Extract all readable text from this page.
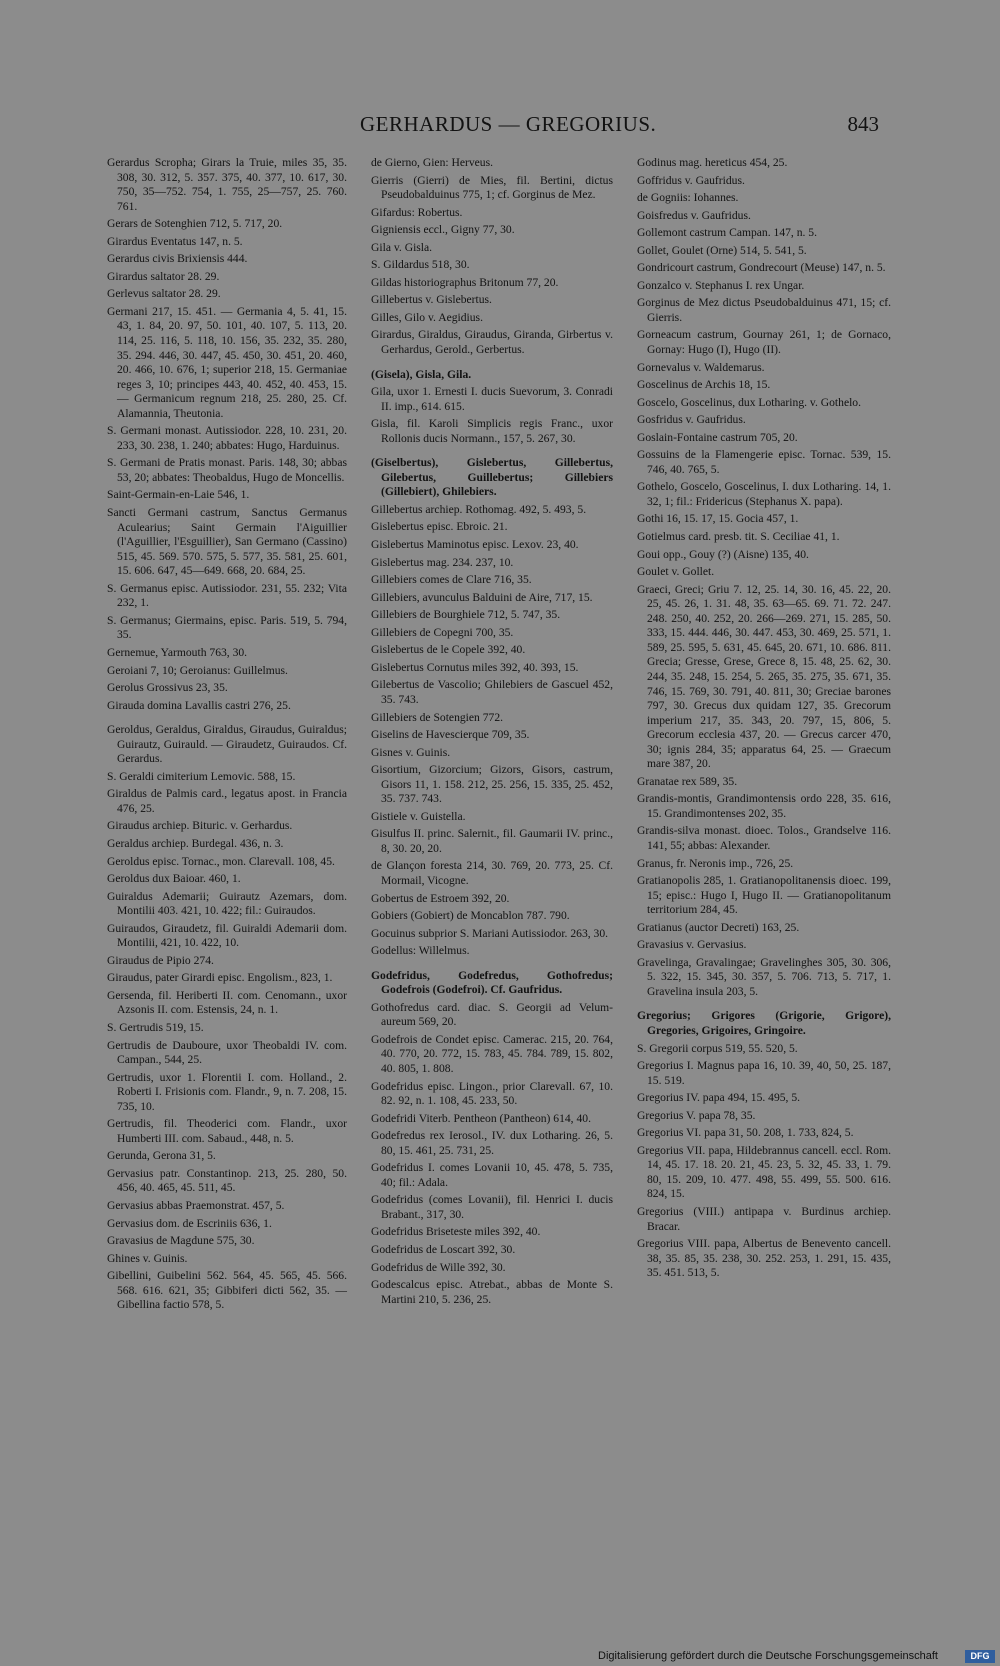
GERHARDUS — GREGORIUS.	843
Gerardus Scropha; Girars la Truie, miles 35, 35. 308, 30. 312, 5. 357. 375, 40. 377, 10. 617, 30. 750, 35—752. 754, 1. 755, 25—757, 25. 760. 761.
Gerars de Sotenghien 712, 5. 717, 20.
Girardus Eventatus 147, n. 5.
Gerardus civis Brixiensis 444.
Girardus saltator 28. 29.
Gerlevus saltator 28. 29.
Germani 217, 15. 451. — Germania 4, 5. 41, 15. 43, 1. 84, 20. 97, 50. 101, 40. 107, 5. 113, 20. 114, 25. 116, 5. 118, 10. 156, 35. 232, 35. 280, 35. 294. 446, 30. 447, 45. 450, 30. 451, 20. 460, 20. 466, 10. 676, 1; superior 218, 15. Germaniae reges 3, 10; principes 443, 40. 452, 40. 453, 15. — Germanicum regnum 218, 25. 280, 25. Cf. Alamannia, Theutonia.
S. Germani monast. Autissiodor. 228, 10. 231, 20. 233, 30. 238, 1. 240; abbates: Hugo, Harduinus.
S. Germani de Pratis monast. Paris. 148, 30; abbas 53, 20; abbates: Theobaldus, Hugo de Moncellis.
Saint-Germain-en-Laie 546, 1.
Sancti Germani castrum, Sanctus Germanus Aculearius; Saint Germain l'Aiguillier (l'Aguillier, l'Esguillier), San Germano (Cassino) 515, 45. 569. 570. 575, 5. 577, 35. 581, 25. 601, 15. 606. 647, 45—649. 668, 20. 684, 25.
S. Germanus episc. Autissiodor. 231, 55. 232; Vita 232, 1.
S. Germanus; Giermains, episc. Paris. 519, 5. 794, 35.
Gernemue, Yarmouth 763, 30.
Geroiani 7, 10; Geroianus: Guillelmus.
Gerolus Grossivus 23, 35.
Girauda domina Lavallis castri 276, 25.
Geroldus, Geraldus, Giraldus, Giraudus, Guiraldus; Guirautz, Guirauld. — Giraudetz, Guiraudos. Cf. Gerardus.
S. Geraldi cimiterium Lemovic. 588, 15.
Giraldus de Palmis card., legatus apost. in Francia 476, 25.
Giraudus archiep. Bituric. v. Gerhardus.
Geraldus archiep. Burdegal. 436, n. 3.
Geroldus episc. Tornac., mon. Clarevall. 108, 45.
Geroldus dux Baioar. 460, 1.
Guiraldus Ademarii; Guirautz Azemars, dom. Montilii 403. 421, 10. 422; fil.: Guiraudos.
Guiraudos, Giraudetz, fil. Guiraldi Ademarii dom. Montilii, 421, 10. 422, 10.
Giraudus de Pipio 274.
Giraudus, pater Girardi episc. Engolism., 823, 1.
Gersenda, fil. Heriberti II. com. Cenomann., uxor Azsonis II. com. Estensis, 24, n. 1.
S. Gertrudis 519, 15.
Gertrudis de Dauboure, uxor Theobaldi IV. com. Campan., 544, 25.
Gertrudis, uxor 1. Florentii I. com. Holland., 2. Roberti I. Frisionis com. Flandr., 9, n. 7. 208, 15. 735, 10.
Gertrudis, fil. Theoderici com. Flandr., uxor Humberti III. com. Sabaud., 448, n. 5.
Gerunda, Gerona 31, 5.
Gervasius patr. Constantinop. 213, 25. 280, 50. 456, 40. 465, 45. 511, 45.
Gervasius abbas Praemonstrat. 457, 5.
Gervasius dom. de Escriniis 636, 1.
Gravasius de Magdune 575, 30.
Ghines v. Guinis.
Gibellini, Guibelini 562. 564, 45. 565, 45. 566. 568. 616. 621, 35; Gibbiferi dicti 562, 35. — Gibellina factio 578, 5.
de Gierno, Gien: Herveus.
Gierris (Gierri) de Mies, fil. Bertini, dictus Pseudobalduinus 775, 1; cf. Gorginus de Mez.
Gifardus: Robertus.
Gigniensis eccl., Gigny 77, 30.
Gila v. Gisla.
S. Gildardus 518, 30.
Gildas historiographus Britonum 77, 20.
Gillebertus v. Gislebertus.
Gilles, Gilo v. Aegidius.
Girardus, Giraldus, Giraudus, Giranda, Girbertus v. Gerhardus, Gerold., Gerbertus.
(Gisela), Gisla, Gila.
Gila, uxor 1. Ernesti I. ducis Suevorum, 3. Conradi II. imp., 614. 615.
Gisla, fil. Karoli Simplicis regis Franc., uxor Rollonis ducis Normann., 157, 5. 267, 30.
(Giselbertus), Gislebertus, Gillebertus, Gilebertus, Guillebertus; Gillebiers (Gillebiert), Ghilebiers.
Gillebertus archiep. Rothomag. 492, 5. 493, 5.
Gislebertus episc. Ebroic. 21.
Gislebertus Maminotus episc. Lexov. 23, 40.
Gislebertus mag. 234. 237, 10.
Gillebiers comes de Clare 716, 35.
Gillebiers, avunculus Balduini de Aire, 717, 15.
Gillebiers de Bourghiele 712, 5. 747, 35.
Gillebiers de Copegni 700, 35.
Gislebertus de le Copele 392, 40.
Gislebertus Cornutus miles 392, 40. 393, 15.
Gilebertus de Vascolio; Ghilebiers de Gascuel 452, 35. 743.
Gillebiers de Sotengien 772.
Giselins de Havescierque 709, 35.
Gisnes v. Guinis.
Gisortium, Gizorcium; Gizors, Gisors, castrum, Gisors 11, 1. 158. 212, 25. 256, 15. 335, 25. 452, 35. 737. 743.
Gistiele v. Guistella.
Gisulfus II. princ. Salernit., fil. Gaumarii IV. princ., 8, 30. 20, 20.
de Glançon foresta 214, 30. 769, 20. 773, 25. Cf. Mormail, Vicogne.
Gobertus de Estroem 392, 20.
Gobiers (Gobiert) de Moncablon 787. 790.
Gocuinus subprior S. Mariani Autissiodor. 263, 30.
Godellus: Willelmus.
Godefridus, Godefredus, Gothofredus; Godefrois (Godefroi). Cf. Gaufridus.
Gothofredus card. diac. S. Georgii ad Velum-aureum 569, 20.
Godefrois de Condet episc. Camerac. 215, 20. 764, 40. 770, 20. 772, 15. 783, 45. 784. 789, 15. 802, 40. 805, 1. 808.
Godefridus episc. Lingon., prior Clarevall. 67, 10. 82. 92, n. 1. 108, 45. 233, 50.
Godefridi Viterb. Pentheon (Pantheon) 614, 40.
Godefredus rex Ierosol., IV. dux Lotharing. 26, 5. 80, 15. 461, 25. 731, 25.
Godefridus I. comes Lovanii 10, 45. 478, 5. 735, 40; fil.: Adala.
Godefridus (comes Lovanii), fil. Henrici I. ducis Brabant., 317, 30.
Godefridus Briseteste miles 392, 40.
Godefridus de Loscart 392, 30.
Godefridus de Wille 392, 30.
Godescalcus episc. Atrebat., abbas de Monte S. Martini 210, 5. 236, 25.
Godinus mag. hereticus 454, 25.
Goffridus v. Gaufridus.
de Gogniis: Iohannes.
Goisfredus v. Gaufridus.
Gollemont castrum Campan. 147, n. 5.
Gollet, Goulet (Orne) 514, 5. 541, 5.
Gondricourt castrum, Gondrecourt (Meuse) 147, n. 5.
Gonzalco v. Stephanus I. rex Ungar.
Gorginus de Mez dictus Pseudobalduinus 471, 15; cf. Gierris.
Gorneacum castrum, Gournay 261, 1; de Gornaco, Gornay: Hugo (I), Hugo (II).
Gornevalus v. Waldemarus.
Goscelinus de Archis 18, 15.
Goscelo, Goscelinus, dux Lotharing. v. Gothelo.
Gosfridus v. Gaufridus.
Goslain-Fontaine castrum 705, 20.
Gossuins de la Flamengerie episc. Tornac. 539, 15. 746, 40. 765, 5.
Gothelo, Goscelo, Goscelinus, I. dux Lotharing. 14, 1. 32, 1; fil.: Fridericus (Stephanus X. papa).
Gothi 16, 15. 17, 15. Gocia 457, 1.
Gotielmus card. presb. tit. S. Ceciliae 41, 1.
Goui opp., Gouy (?) (Aisne) 135, 40.
Goulet v. Gollet.
Graeci, Greci; Griu 7. 12, 25. 14, 30. 16, 45. 22, 20. 25, 45. 26, 1. 31. 48, 35. 63—65. 69. 71. 72. 247. 248. 250, 40. 252, 20. 266—269. 271, 15. 285, 50. 333, 15. 444. 446, 30. 447. 453, 30. 469, 25. 571, 1. 589, 25. 595, 5. 631, 45. 645, 20. 671, 10. 686. 811. Grecia; Gresse, Grese, Grece 8, 15. 48, 25. 62, 30. 244, 35. 248, 15. 254, 5. 265, 35. 275, 35. 671, 35. 746, 15. 769, 30. 791, 40. 811, 30; Greciae barones 797, 30. Grecus dux quidam 127, 35. Grecorum imperium 217, 35. 343, 20. 797, 15, 806, 5. Grecorum ecclesia 437, 20. — Grecus carcer 470, 30; ignis 284, 35; apparatus 64, 25. — Graecum mare 387, 20.
Granatae rex 589, 35.
Grandis-montis, Grandimontensis ordo 228, 35. 616, 15. Grandimontenses 202, 35.
Grandis-silva monast. dioec. Tolos., Grandselve 116. 141, 55; abbas: Alexander.
Granus, fr. Neronis imp., 726, 25.
Gratianopolis 285, 1. Gratianopolitanensis dioec. 199, 15; episc.: Hugo I, Hugo II. — Gratianopolitanum territorium 284, 45.
Gratianus (auctor Decreti) 163, 25.
Gravasius v. Gervasius.
Gravelinga, Gravalingae; Gravelinghes 305, 30. 306, 5. 322, 15. 345, 30. 357, 5. 706. 713, 5. 717, 1. Gravelina insula 203, 5.
Gregorius; Grigores (Grigorie, Grigore), Gregories, Grigoires, Gringoire.
S. Gregorii corpus 519, 55. 520, 5.
Gregorius I. Magnus papa 16, 10. 39, 40, 50, 25. 187, 15. 519.
Gregorius IV. papa 494, 15. 495, 5.
Gregorius V. papa 78, 35.
Gregorius VI. papa 31, 50. 208, 1. 733, 824, 5.
Gregorius VII. papa, Hildebrannus cancell. eccl. Rom. 14, 45. 17. 18. 20. 21, 45. 23, 5. 32, 45. 33, 1. 79. 80, 15. 209, 10. 477. 498, 55. 499, 55. 500. 616. 824, 15.
Gregorius (VIII.) antipapa v. Burdinus archiep. Bracar.
Gregorius VIII. papa, Albertus de Benevento cancell. 38, 35. 85, 35. 238, 30. 252. 253, 1. 291, 15. 435, 35. 451. 513, 5.
Digitalisierung gefördert durch die Deutsche Forschungsgemeinschaft	DFG
